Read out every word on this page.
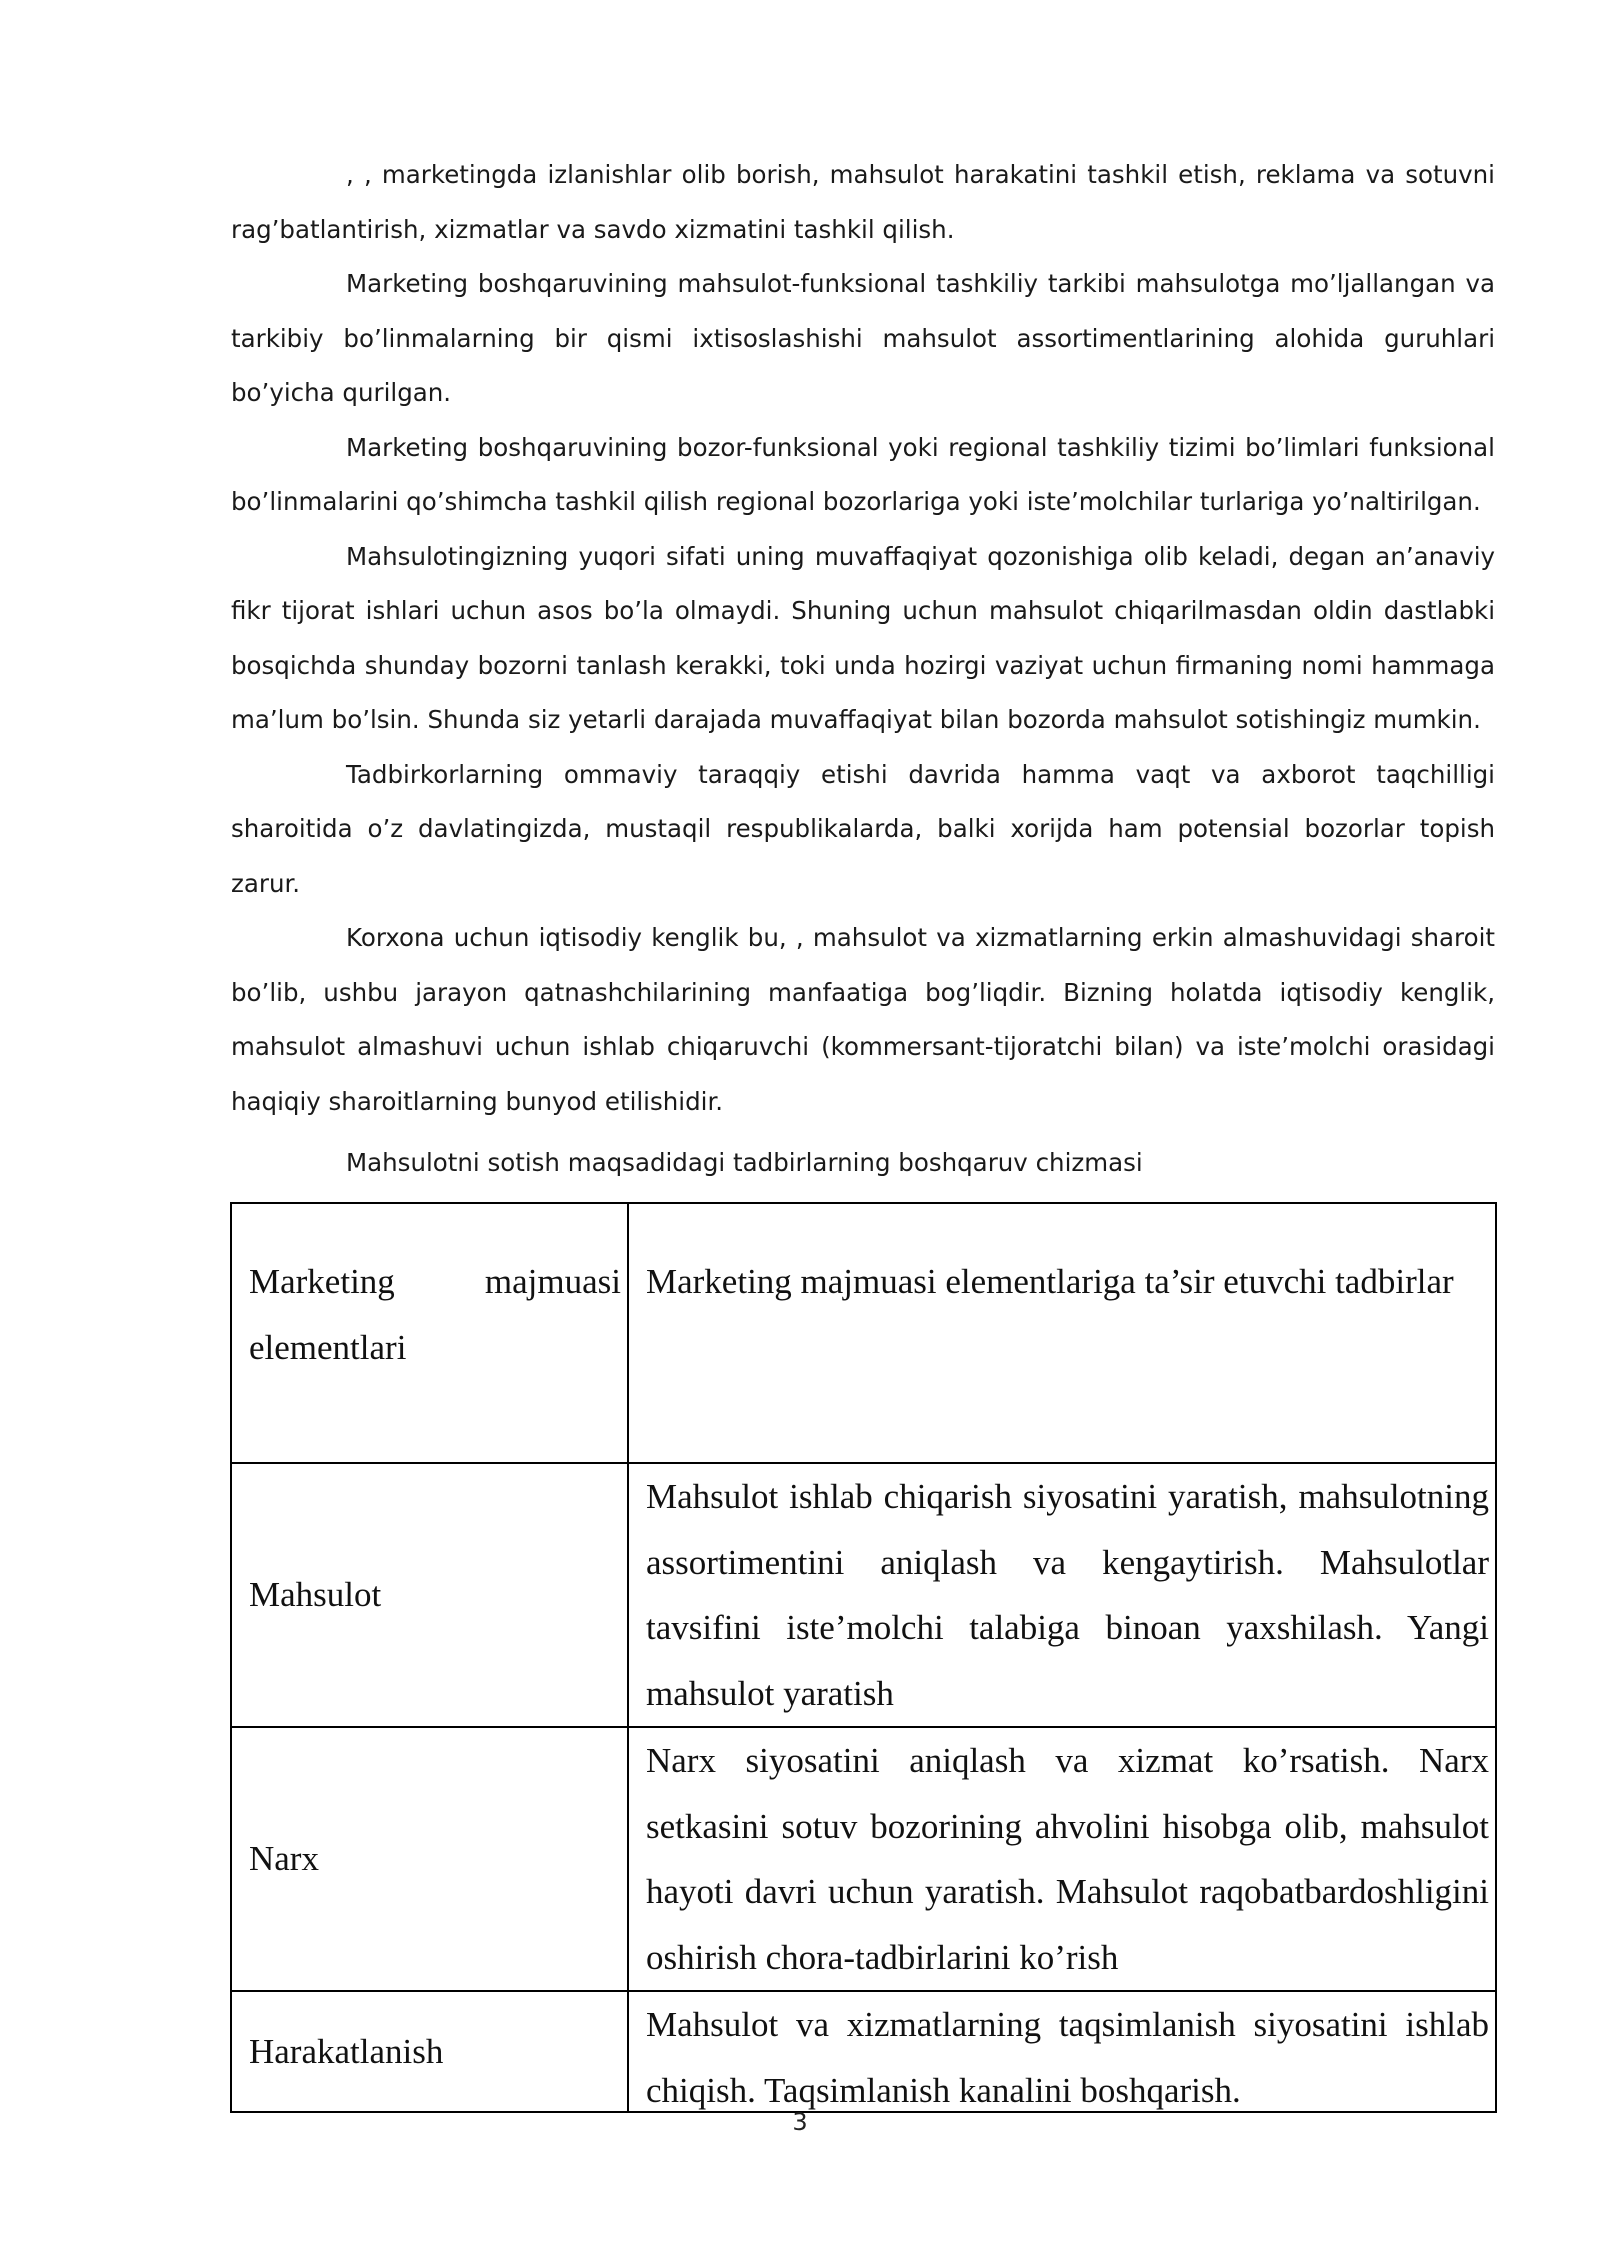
, , marketingda izlanishlar olib borish, mahsulot harakatini tashkil etish, reklama va sotuvni rag’batlantirish, xizmatlar va savdo xizmatini tashkil qilish.

Marketing boshqaruvining mahsulot-funksional tashkiliy tarkibi mahsulotga mo’ljallangan va tarkibiy bo’linmalarning bir qismi ixtisoslashishi mahsulot assortimentlarining alohida guruhlari bo’yicha qurilgan.

Marketing boshqaruvining bozor-funksional yoki regional tashkiliy tizimi bo’limlari funksional bo’linmalarini qo’shimcha tashkil qilish regional bozorlariga yoki iste’molchilar turlariga yo’naltirilgan.

Mahsulotingizning yuqori sifati uning muvaffaqiyat qozonishiga olib keladi, degan an’anaviy fikr tijorat ishlari uchun asos bo’la olmaydi. Shuning uchun mahsulot chiqarilmasdan oldin dastlabki bosqichda shunday bozorni tanlash kerakki, toki unda hozirgi vaziyat uchun firmaning nomi hammaga ma’lum bo’lsin. Shunda siz yetarli darajada muvaffaqiyat bilan bozorda mahsulot sotishingiz mumkin.

Tadbirkorlarning ommaviy taraqqiy etishi davrida hamma vaqt va axborot taqchilligi sharoitida o’z davlatingizda, mustaqil respublikalarda, balki xorijda ham potensial bozorlar topish zarur.

Korxona uchun iqtisodiy kenglik bu, , mahsulot va xizmatlarning erkin almashuvidagi sharoit bo’lib, ushbu jarayon qatnashchilarining manfaatiga bog’liqdir. Bizning holatda iqtisodiy kenglik, mahsulot almashuvi uchun ishlab chiqaruvchi (kommersant-tijoratchi bilan) va iste’molchi orasidagi haqiqiy sharoitlarning bunyod etilishidir.

Mahsulotni sotish maqsadidagi tadbirlarning boshqaruv chizmasi
Marketing majmuasi elementlari	Marketing majmuasi elementlariga ta’sir etuvchi tadbirlar

Mahsulot	Mahsulot ishlab chiqarish siyosatini yaratish, mahsulotning assortimentini aniqlash va kengaytirish. Mahsulotlar tavsifini iste’molchi talabiga binoan yaxshilash. Yangi mahsulot yaratish
Narx	Narx siyosatini aniqlash va xizmat ko’rsatish. Narx setkasini sotuv bozorining ahvolini hisobga olib, mahsulot hayoti davri uchun yaratish. Mahsulot raqobatbardoshligini oshirish chora-tadbirlarini ko’rish
Harakatlanish	Mahsulot va xizmatlarning taqsimlanish siyosatini ishlab chiqish. Taqsimlanish kanalini boshqarish.
3
